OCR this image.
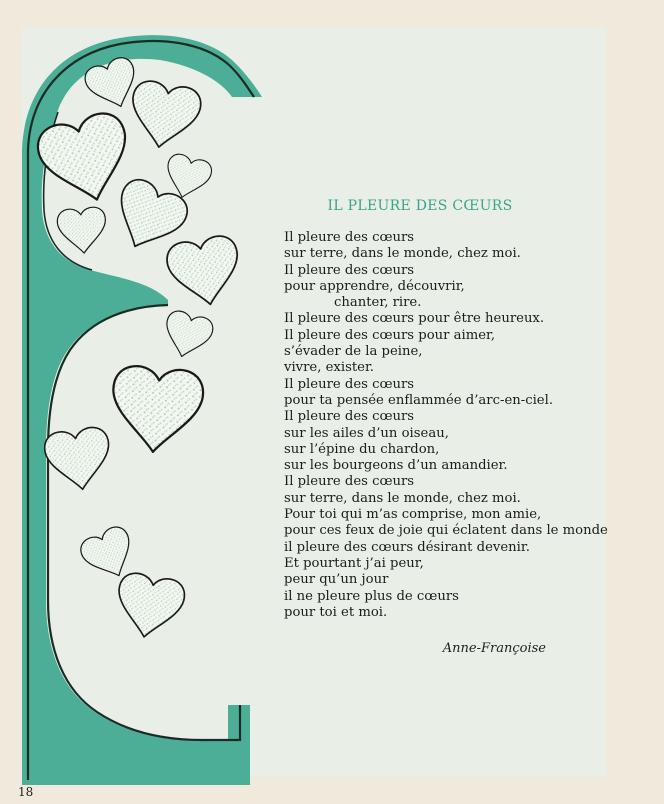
IL PLEURE DES CŒURS
Il pleure des cœurs
sur terre, dans le monde, chez moi.
Il pleure des cœurs
pour apprendre, découvrir,
chanter, rire.
Il pleure des cœurs pour être heureux.
Il pleure des cœurs pour aimer,
s’évader de la peine,
vivre, exister.
Il pleure des cœurs
pour ta pensée enflammée d’arc-en-ciel.
Il pleure des cœurs
sur les ailes d’un oiseau,
sur l’épine du chardon,
sur les bourgeons d’un amandier.
Il pleure des cœurs
sur terre, dans le monde, chez moi.
Pour toi qui m’as comprise, mon amie,
pour ces feux de joie qui éclatent dans le monde
il pleure des cœurs désirant devenir.
Et pourtant j’ai peur,
peur qu’un jour
il ne pleure plus de cœurs
pour toi et moi.
Anne-Françoise
18
